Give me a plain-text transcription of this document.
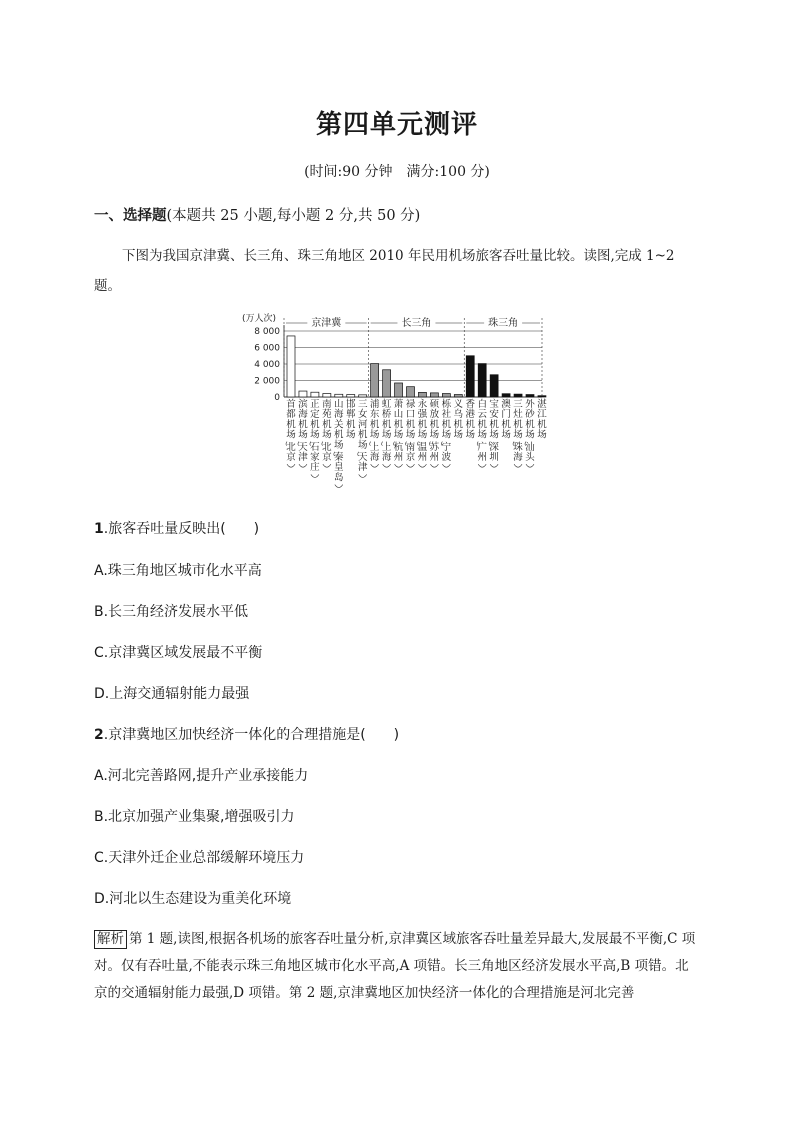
第四单元测评
(时间:90 分钟　满分:100 分)
一、选择题(本题共 25 小题,每小题 2 分,共 50 分)
下图为我国京津冀、长三角、珠三角地区 2010 年民用机场旅客吞吐量比较。读图,完成 1~2 题。
(万人次)
0
2 000
4 000
6 000
8 000
京津冀	长三角	珠三角
首
都
机
场
北
京
滨
海
机
场
天
津
正
定
机
场
石
家
庄
南
苑
机
场
北
京
山
海
关
机
场
秦
皇
岛
邯
郸
机
场
三
女
河
机
场
天
津
浦
东
机
场
上
海
虹
桥
机
场
上
海
萧
山
机
场
杭
州
禄
口
机
场
南
京
永
强
机
场
温
州
硕
放
机
场
苏
州
栎
社
机
场
宁
波
义
乌
机
场
香
港
机
场
白
云
机
场
广
州
宝
安
机
场
深
圳
澳
门
机
场
三
灶
机
场
珠
海
外
砂
机
场
汕
头
湛
江
机
场
1.旅客吞吐量反映出(　　)
A.珠三角地区城市化水平高
B.长三角经济发展水平低
C.京津冀区域发展最不平衡
D.上海交通辐射能力最强
2.京津冀地区加快经济一体化的合理措施是(　　)
A.河北完善路网,提升产业承接能力
B.北京加强产业集聚,增强吸引力
C.天津外迁企业总部缓解环境压力
D.河北以生态建设为重美化环境
解析 第 1 题,读图,根据各机场的旅客吞吐量分析,京津冀区域旅客吞吐量差异最大,发展最不平衡,C 项对。仅有吞吐量,不能表示珠三角地区城市化水平高,A 项错。长三角地区经济发展水平高,B 项错。北京的交通辐射能力最强,D 项错。第 2 题,京津冀地区加快经济一体化的合理措施是河北完善
